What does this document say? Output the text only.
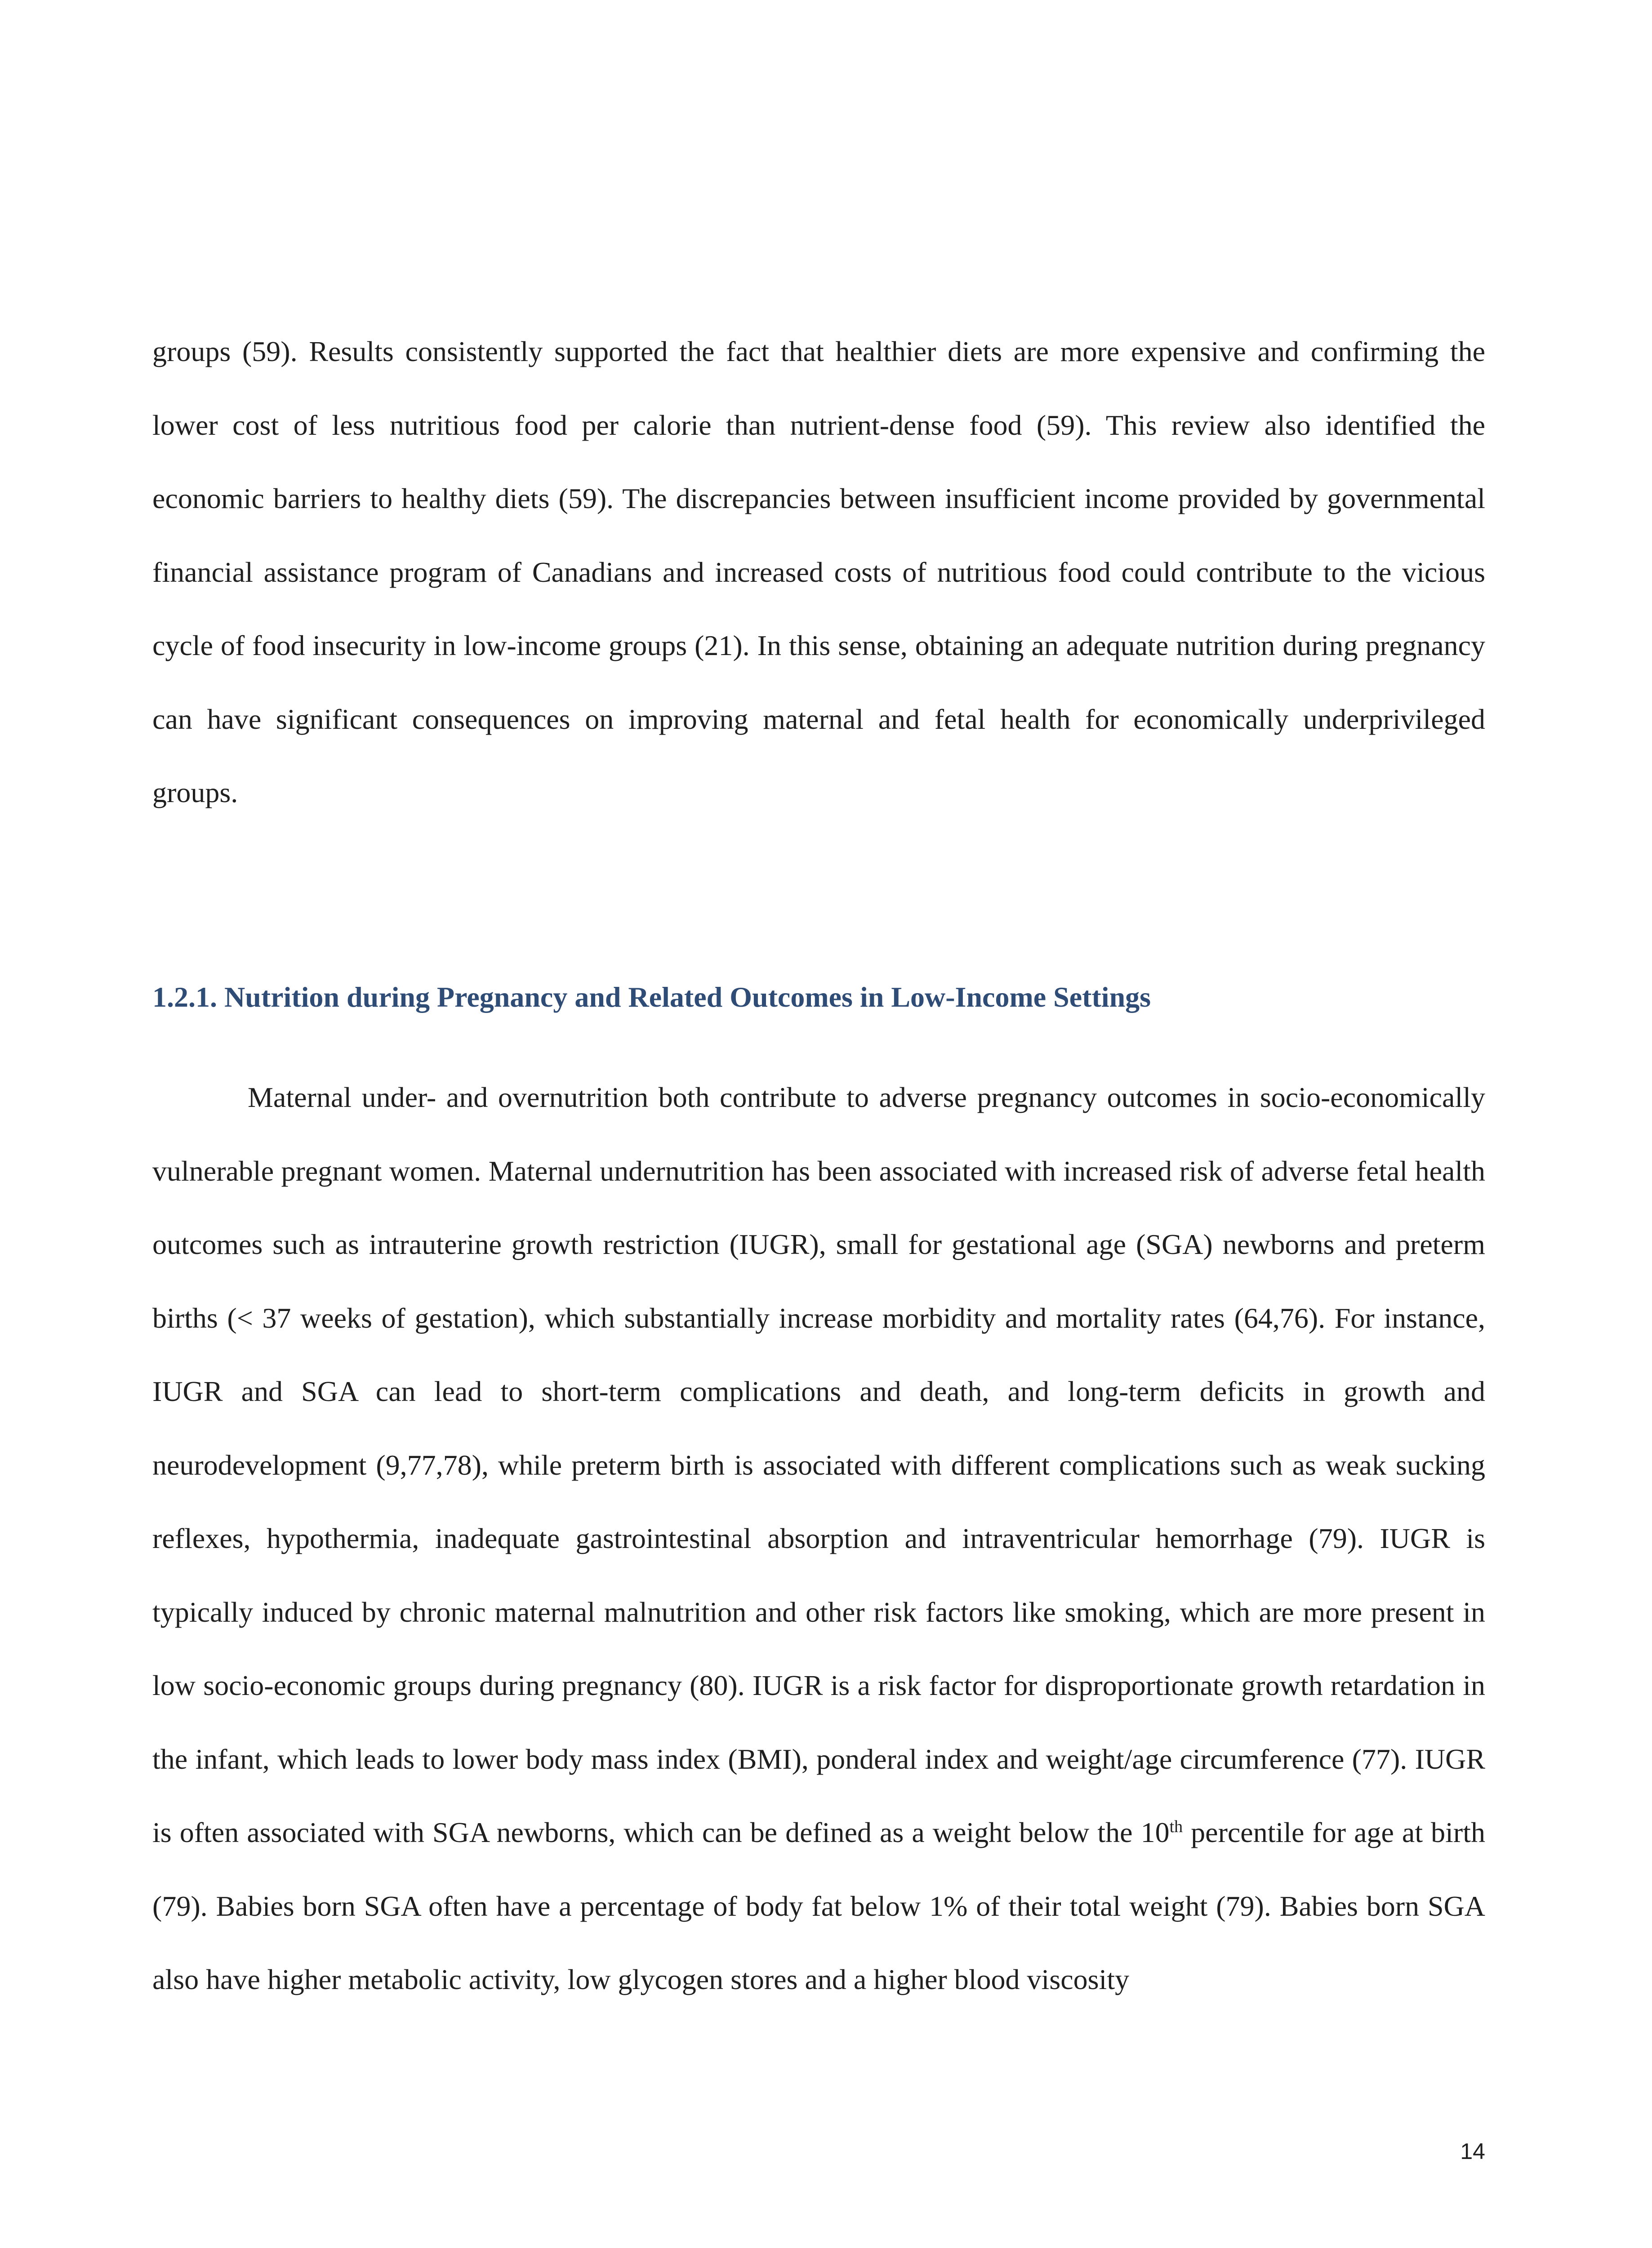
groups (59). Results consistently supported the fact that healthier diets are more expensive and confirming the lower cost of less nutritious food per calorie than nutrient-dense food (59). This review also identified the economic barriers to healthy diets (59). The discrepancies between insufficient income provided by governmental financial assistance program of Canadians and increased costs of nutritious food could contribute to the vicious cycle of food insecurity in low-income groups (21). In this sense, obtaining an adequate nutrition during pregnancy can have significant consequences on improving maternal and fetal health for economically underprivileged groups.

1.2.1. Nutrition during Pregnancy and Related Outcomes in Low-Income Settings

Maternal under- and overnutrition both contribute to adverse pregnancy outcomes in socio-economically vulnerable pregnant women. Maternal undernutrition has been associated with increased risk of adverse fetal health outcomes such as intrauterine growth restriction (IUGR), small for gestational age (SGA) newborns and preterm births (< 37 weeks of gestation), which substantially increase morbidity and mortality rates (64,76). For instance, IUGR and SGA can lead to short-term complications and death, and long-term deficits in growth and neurodevelopment (9,77,78), while preterm birth is associated with different complications such as weak sucking reflexes, hypothermia, inadequate gastrointestinal absorption and intraventricular hemorrhage (79). IUGR is typically induced by chronic maternal malnutrition and other risk factors like smoking, which are more present in low socio-economic groups during pregnancy (80). IUGR is a risk factor for disproportionate growth retardation in the infant, which leads to lower body mass index (BMI), ponderal index and weight/age circumference (77). IUGR is often associated with SGA newborns, which can be defined as a weight below the 10th percentile for age at birth (79). Babies born SGA often have a percentage of body fat below 1% of their total weight (79). Babies born SGA also have higher metabolic activity, low glycogen stores and a higher blood viscosity

14
